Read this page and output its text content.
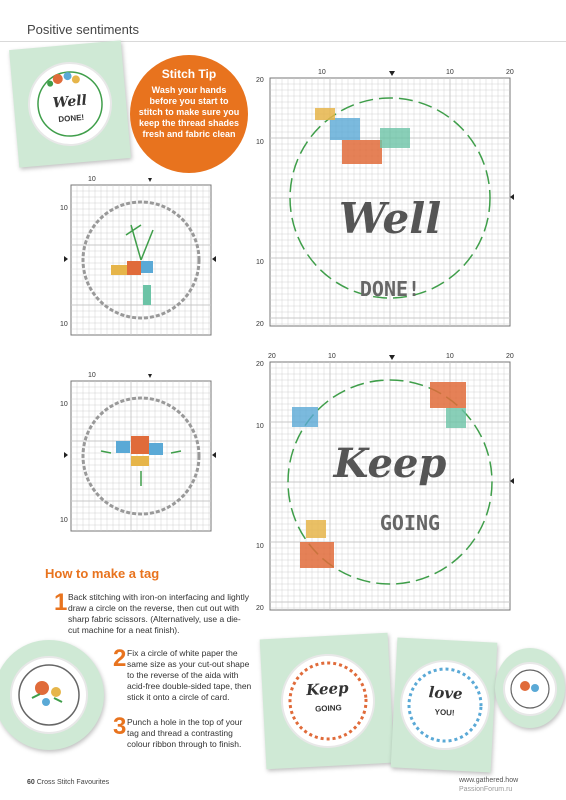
Positive sentiments
Well
DONE!
Stitch Tip
Wash your hands before you start to stitch to make sure you keep the thread shades fresh and fabric clean
10
10
10
10
10
10
10	10	20
Well
DONE!
20
10
10
20
20	10	10	20
Keep
GOING
20
10
10
20
How to make a tag
1 Back stitching with iron-on interfacing and lightly draw a circle on the reverse, then cut out with sharp fabric scissors. (Alternatively, use a die-cut machine for a neat finish).
2 Fix a circle of white paper the same size as your cut-out shape to the reverse of the aida with acid-free double-sided tape, then stick it onto a circle of card.
3 Punch a hole in the top of your tag and thread a contrasting colour ribbon through to finish.
Keep
GOING
love
YOU!
60 Cross Stitch Favourites	www.gathered.how
PassionForum.ru
